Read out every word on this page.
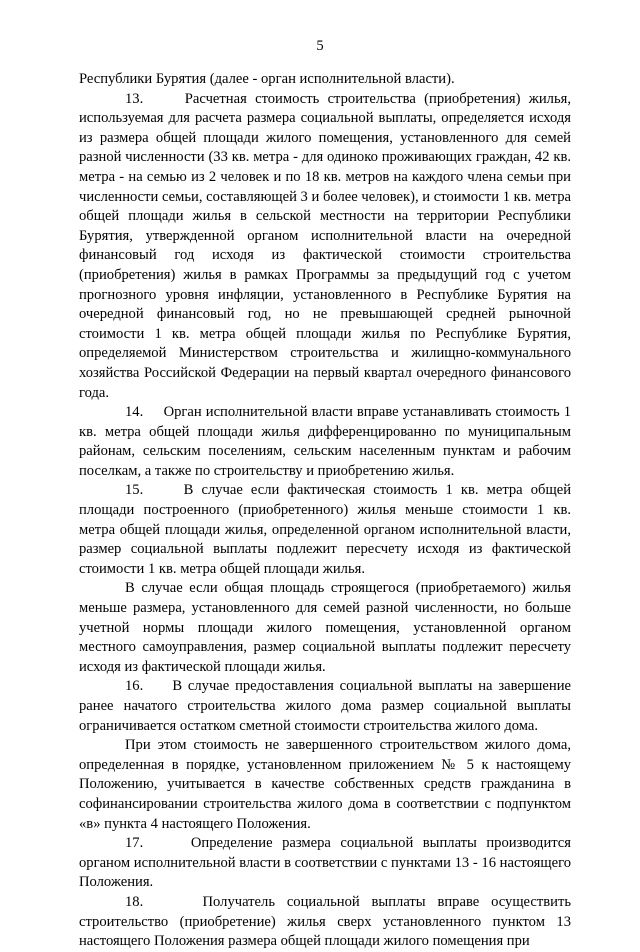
5

Республики Бурятия (далее - орган исполнительной власти).

13.     Расчетная стоимость строительства (приобретения) жилья, используемая для расчета размера социальной выплаты, определяется исходя из размера общей площади жилого помещения, установленного для семей разной численности (33 кв. метра - для одиноко проживающих граждан, 42 кв. метра - на семью из 2 человек и по 18 кв. метров на каждого члена семьи при численности семьи, составляющей 3 и более человек), и стоимости 1 кв. метра общей площади жилья в сельской местности на территории Республики Бурятия, утвержденной органом исполнительной власти на очередной финансовый год исходя из фактической стоимости строительства (приобретения) жилья в рамках Программы за предыдущий год с учетом прогнозного уровня инфляции, установленного в Республике Бурятия на очередной финансовый год, но не превышающей средней рыночной стоимости 1 кв. метра общей площади жилья по Республике Бурятия, определяемой Министерством строительства и жилищно-коммунального хозяйства Российской Федерации на первый квартал очередного финансового года.

14.     Орган исполнительной власти вправе устанавливать стоимость 1 кв. метра общей площади жилья дифференцированно по муниципальным районам, сельским поселениям, сельским населенным пунктам и рабочим поселкам, а также по строительству и приобретению жилья.

15.     В случае если фактическая стоимость 1 кв. метра общей площади построенного (приобретенного) жилья меньше стоимости 1 кв. метра общей площади жилья, определенной органом исполнительной власти, размер социальной выплаты подлежит пересчету исходя из фактической стоимости 1 кв. метра общей площади жилья.

В случае если общая площадь строящегося (приобретаемого) жилья меньше размера, установленного для семей разной численности, но больше учетной нормы площади жилого помещения, установленной органом местного самоуправления, размер социальной выплаты подлежит пересчету исходя из фактической площади жилья.

16.     В случае предоставления социальной выплаты на завершение ранее начатого строительства жилого дома размер социальной выплаты ограничивается остатком сметной стоимости строительства жилого дома.

При этом стоимость не завершенного строительством жилого дома, определенная в порядке, установленном приложением № 5 к настоящему Положению, учитывается в качестве собственных средств гражданина в софинансировании строительства жилого дома в соответствии с подпунктом «в» пункта 4 настоящего Положения.

17.     Определение размера социальной выплаты производится органом исполнительной власти в соответствии с пунктами 13 - 16 настоящего Положения.

18.     Получатель социальной выплаты вправе осуществить строительство (приобретение) жилья сверх установленного пунктом 13 настоящего Положения размера общей площади жилого помещения при
